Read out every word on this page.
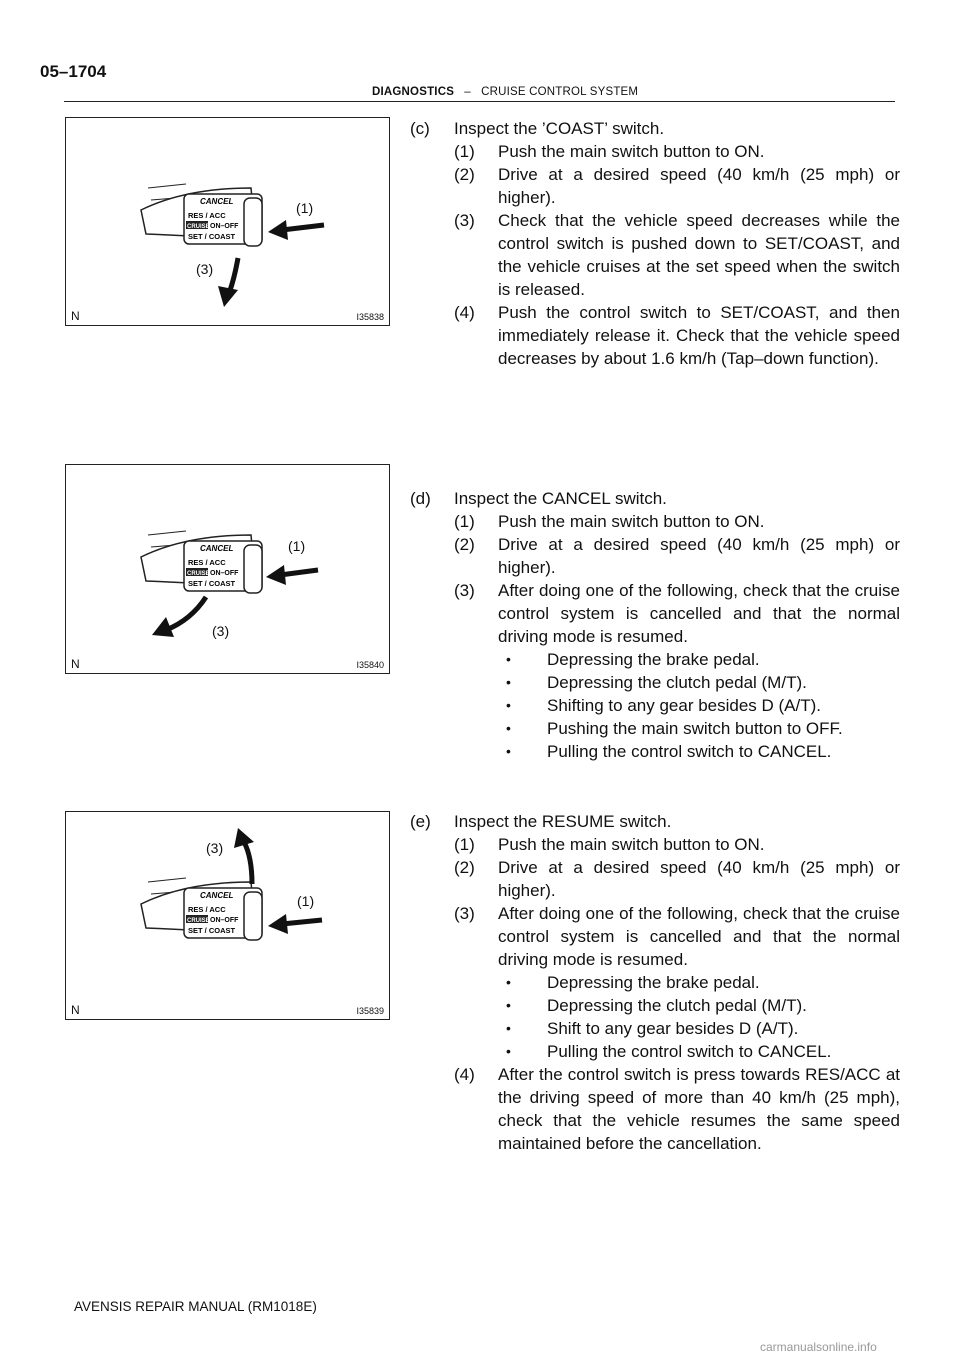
05–1704
DIAGNOSTICS – CRUISE CONTROL SYSTEM
CANCEL
RES / ACC
CRUISE ON–OFF
SET / COAST
(1)
(3)
N	I35838
CANCEL
RES / ACC
CRUISE ON–OFF
SET / COAST
(1)
(3)
N	I35840
CANCEL
RES / ACC
CRUISE ON–OFF
SET / COAST
(3)
(1)
N	I35839
(c) Inspect the ’COAST’ switch.
(1) Push the main switch button to ON.
(2) Drive at a desired speed (40 km/h (25 mph) or higher).
(3) Check that the vehicle speed decreases while the control switch is pushed down to SET/COAST, and the vehicle cruises at the set speed when the switch is released.
(4) Push the control switch to SET/COAST, and then immediately release it. Check that the vehicle speed decreases by about 1.6 km/h (Tap–down function).
(d) Inspect the CANCEL switch.
(1) Push the main switch button to ON.
(2) Drive at a desired speed (40 km/h (25 mph) or higher).
(3) After doing one of the following, check that the cruise control system is cancelled and that the normal driving mode is resumed.
• Depressing the brake pedal.
• Depressing the clutch pedal (M/T).
• Shifting to any gear besides D (A/T).
• Pushing the main switch button to OFF.
• Pulling the control switch to CANCEL.
(e) Inspect the RESUME switch.
(1) Push the main switch button to ON.
(2) Drive at a desired speed (40 km/h (25 mph) or higher).
(3) After doing one of the following, check that the cruise control system is cancelled and that the normal driving mode is resumed.
• Depressing the brake pedal.
• Depressing the clutch pedal (M/T).
• Shift to any gear besides D (A/T).
• Pulling the control switch to CANCEL.
(4) After the control switch is press towards RES/ACC at the driving speed of more than 40 km/h (25 mph), check that the vehicle resumes the same speed maintained before the cancellation.
AVENSIS REPAIR MANUAL (RM1018E)
carmanualsonline.info
